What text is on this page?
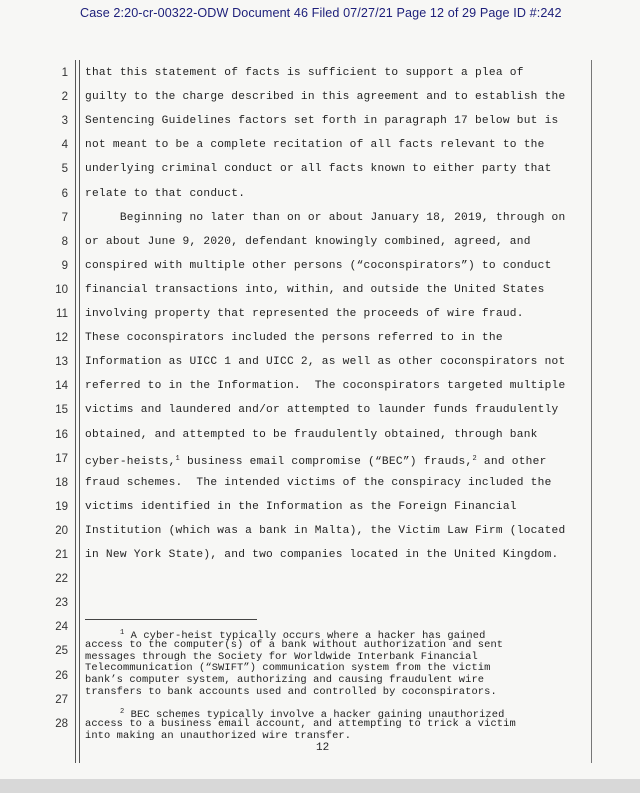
Case 2:20-cr-00322-ODW Document 46 Filed 07/27/21 Page 12 of 29 Page ID #:242
1
2
3
4
5
6
7
8
9
10
11
12
13
14
15
16
17
18
19
20
21
22
23
24
25
26
27
28
that this statement of facts is sufficient to support a plea of
guilty to the charge described in this agreement and to establish the
Sentencing Guidelines factors set forth in paragraph 17 below but is
not meant to be a complete recitation of all facts relevant to the
underlying criminal conduct or all facts known to either party that
relate to that conduct.
Beginning no later than on or about January 18, 2019, through on
or about June 9, 2020, defendant knowingly combined, agreed, and
conspired with multiple other persons (“coconspirators”) to conduct
financial transactions into, within, and outside the United States
involving property that represented the proceeds of wire fraud.
These coconspirators included the persons referred to in the
Information as UICC 1 and UICC 2, as well as other coconspirators not
referred to in the Information.  The coconspirators targeted multiple
victims and laundered and/or attempted to launder funds fraudulently
obtained, and attempted to be fraudulently obtained, through bank
fraud schemes.  The intended victims of the conspiracy included the
victims identified in the Information as the Foreign Financial
Institution (which was a bank in Malta), the Victim Law Firm (located
in New York State), and two companies located in the United Kingdom.
cyber-heists,$^1$ business email compromise (“BEC”) frauds,$^2$ and other
$^1$ A cyber-heist typically occurs where a hacker has gained
access to the computer(s) of a bank without authorization and sent
messages through the Society for Worldwide Interbank Financial
Telecommunication (“SWIFT”) communication system from the victim
bank’s computer system, authorizing and causing fraudulent wire
transfers to bank accounts used and controlled by coconspirators.
$^2$ BEC schemes typically involve a hacker gaining unauthorized
access to a business email account, and attempting to trick a victim
into making an unauthorized wire transfer.
12
